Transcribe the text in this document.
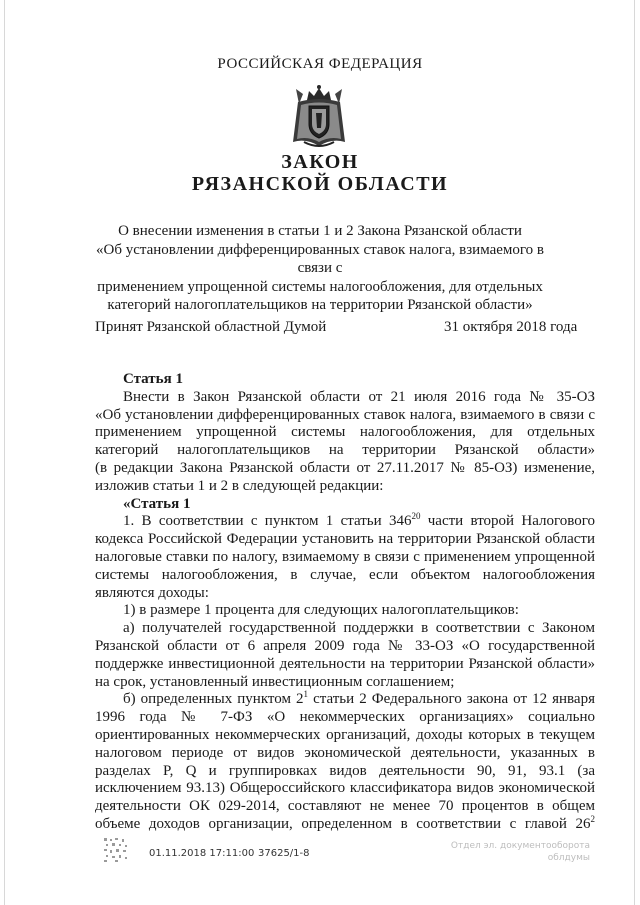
РОССИЙСКАЯ ФЕДЕРАЦИЯ
ЗАКОН
РЯЗАНСКОЙ ОБЛАСТИ
О внесении изменения в статьи 1 и 2 Закона Рязанской области
«Об установлении дифференцированных ставок налога, взимаемого в связи с
применением упрощенной системы налогообложения, для отдельных
категорий налогоплательщиков на территории Рязанской области»
Принят Рязанской областной Думой	31 октября 2018 года

Статья 1

Внести в Закон Рязанской области от 21 июля 2016 года № 35-ОЗ

«Об установлении дифференцированных ставок налога, взимаемого в связи с

применением упрощенной системы налогообложения, для отдельных

категорий налогоплательщиков на территории Рязанской области»

(в редакции Закона Рязанской области от 27.11.2017 № 85-ОЗ) изменение,

изложив статьи 1 и 2 в следующей редакции:

«Статья 1

1. В соответствии с пунктом 1 статьи $346^{20}$ части второй Налогового

кодекса Российской Федерации установить на территории Рязанской области

налоговые ставки по налогу, взимаемому в связи с применением упрощенной

системы налогообложения, в случае, если объектом налогообложения

являются доходы:

1) в размере 1 процента для следующих налогоплательщиков:

а) получателей государственной поддержки в соответствии с Законом

Рязанской области от 6 апреля 2009 года № 33-ОЗ «О государственной

поддержке инвестиционной деятельности на территории Рязанской области»

на срок, установленный инвестиционным соглашением;

б) определенных пунктом $2^1$ статьи 2 Федерального закона от 12 января

1996 года № 7-ФЗ «О некоммерческих организациях» социально

ориентированных некоммерческих организаций, доходы которых в текущем

налоговом периоде от видов экономической деятельности, указанных в

разделах P, Q и группировках видов деятельности 90, 91, 93.1 (за

исключением 93.13) Общероссийского классификатора видов экономической

деятельности ОК 029-2014, составляют не менее 70 процентов в общем

объеме доходов организации, определенном в соответствии с главой $26^2$

01.11.2018 17:11:00 37625/1-8
Отдел эл. документооборота
облдумы
